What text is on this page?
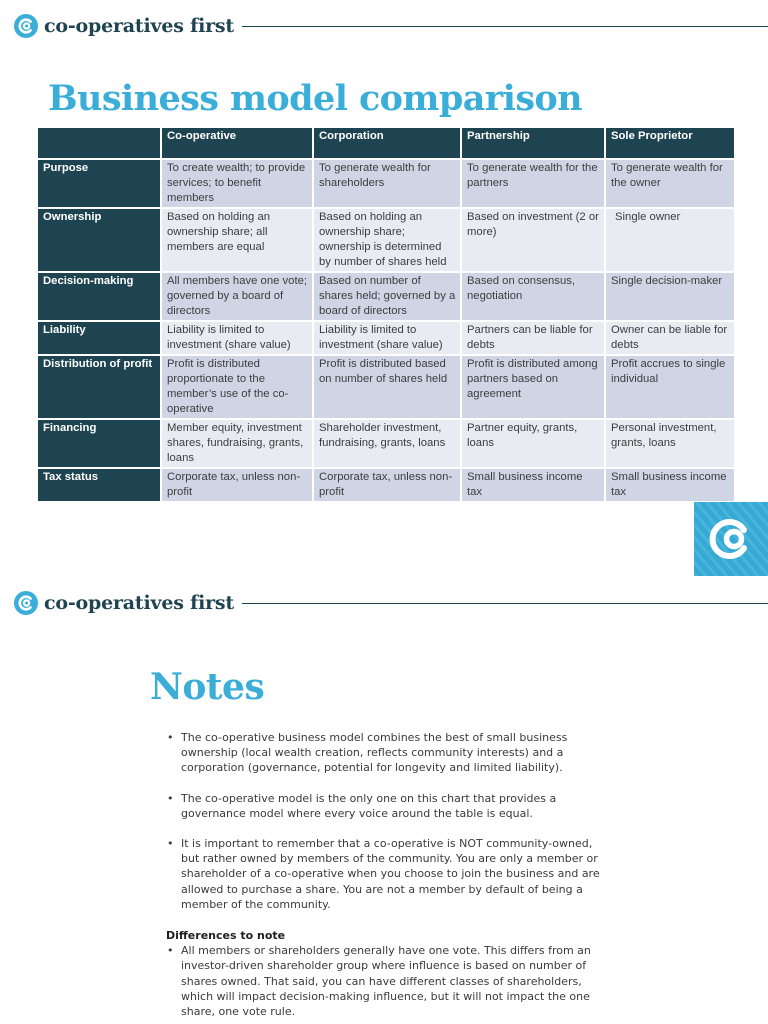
co-operatives first
Business model comparison
	Co-operative	Corporation	Partnership	Sole Proprietor
Purpose	To create wealth; to provide services; to benefit members	To generate wealth for shareholders	To generate wealth for the partners	To generate wealth for the owner
Ownership	Based on holding an ownership share; all members are equal	Based on holding an ownership share; ownership is determined by number of shares held	Based on investment (2 or more)	Single owner
Decision-making	All members have one vote; governed by a board of directors	Based on number of shares held; governed by a board of directors	Based on consensus, negotiation	Single decision-maker
Liability	Liability is limited to investment (share value)	Liability is limited to investment (share value)	Partners can be liable for debts	Owner can be liable for debts
Distribution of profit	Profit is distributed proportionate to the member’s use of the co-operative	Profit is distributed based on number of shares held	Profit is distributed among partners based on agreement	Profit accrues to single individual
Financing	Member equity, investment shares, fundraising, grants, loans	Shareholder investment, fundraising, grants, loans	Partner equity, grants, loans	Personal investment, grants, loans
Tax status	Corporate tax, unless non-profit	Corporate tax, unless non-profit	Small business income tax	Small business income tax
co-operatives first
Notes
• The co-operative business model combines the best of small business ownership (local wealth creation, reflects community interests) and a corporation (governance, potential for longevity and limited liability).
• The co-operative model is the only one on this chart that provides a governance model where every voice around the table is equal.
• It is important to remember that a co-operative is NOT community-owned, but rather owned by members of the community. You are only a member or shareholder of a co-operative when you choose to join the business and are allowed to purchase a share. You are not a member by default of being a member of the community.

Differences to note

• All members or shareholders generally have one vote. This differs from an investor-driven shareholder group where influence is based on number of shares owned. That said, you can have different classes of shareholders, which will impact decision-making influence, but it will not impact the one share, one vote rule.
